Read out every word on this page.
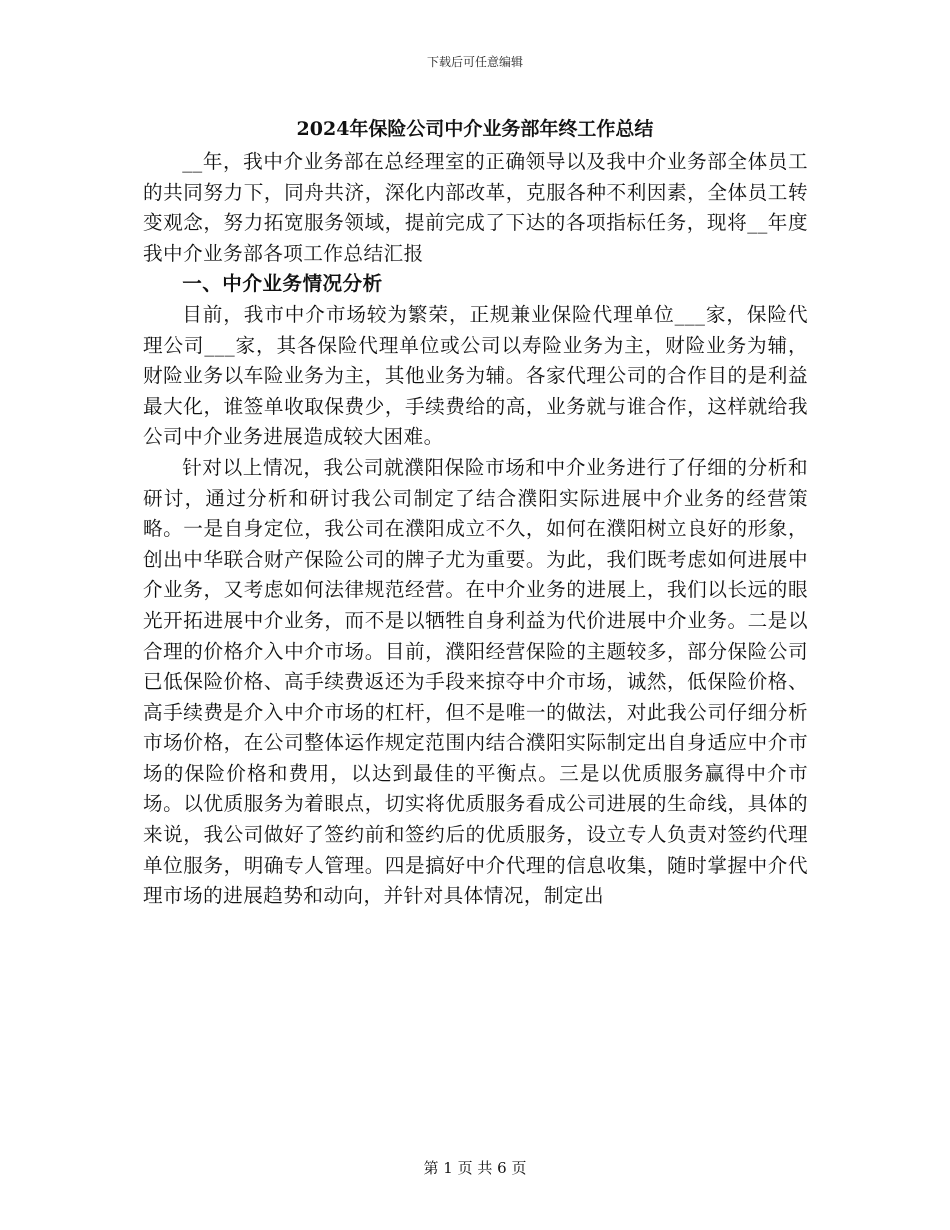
下载后可任意编辑
2024年保险公司中介业务部年终工作总结

__年，我中介业务部在总经理室的正确领导以及我中介业务部全体员工的共同努力下，同舟共济，深化内部改革，克服各种不利因素，全体员工转变观念，努力拓宽服务领域，提前完成了下达的各项指标任务，现将__年度我中介业务部各项工作总结汇报

一、中介业务情况分析

目前，我市中介市场较为繁荣，正规兼业保险代理单位___家，保险代理公司___家，其各保险代理单位或公司以寿险业务为主，财险业务为辅，财险业务以车险业务为主，其他业务为辅。各家代理公司的合作目的是利益最大化，谁签单收取保费少，手续费给的高，业务就与谁合作，这样就给我公司中介业务进展造成较大困难。

针对以上情况，我公司就濮阳保险市场和中介业务进行了仔细的分析和研讨，通过分析和研讨我公司制定了结合濮阳实际进展中介业务的经营策略。一是自身定位，我公司在濮阳成立不久，如何在濮阳树立良好的形象，创出中华联合财产保险公司的牌子尤为重要。为此，我们既考虑如何进展中介业务，又考虑如何法律规范经营。在中介业务的进展上，我们以长远的眼光开拓进展中介业务，而不是以牺牲自身利益为代价进展中介业务。二是以合理的价格介入中介市场。目前，濮阳经营保险的主题较多，部分保险公司已低保险价格、高手续费返还为手段来掠夺中介市场，诚然，低保险价格、高手续费是介入中介市场的杠杆，但不是唯一的做法，对此我公司仔细分析市场价格，在公司整体运作规定范围内结合濮阳实际制定出自身适应中介市场的保险价格和费用，以达到最佳的平衡点。三是以优质服务赢得中介市场。以优质服务为着眼点，切实将优质服务看成公司进展的生命线，具体的来说，我公司做好了签约前和签约后的优质服务，设立专人负责对签约代理单位服务，明确专人管理。四是搞好中介代理的信息收集，随时掌握中介代理市场的进展趋势和动向，并针对具体情况，制定出

第 1 页 共 6 页
